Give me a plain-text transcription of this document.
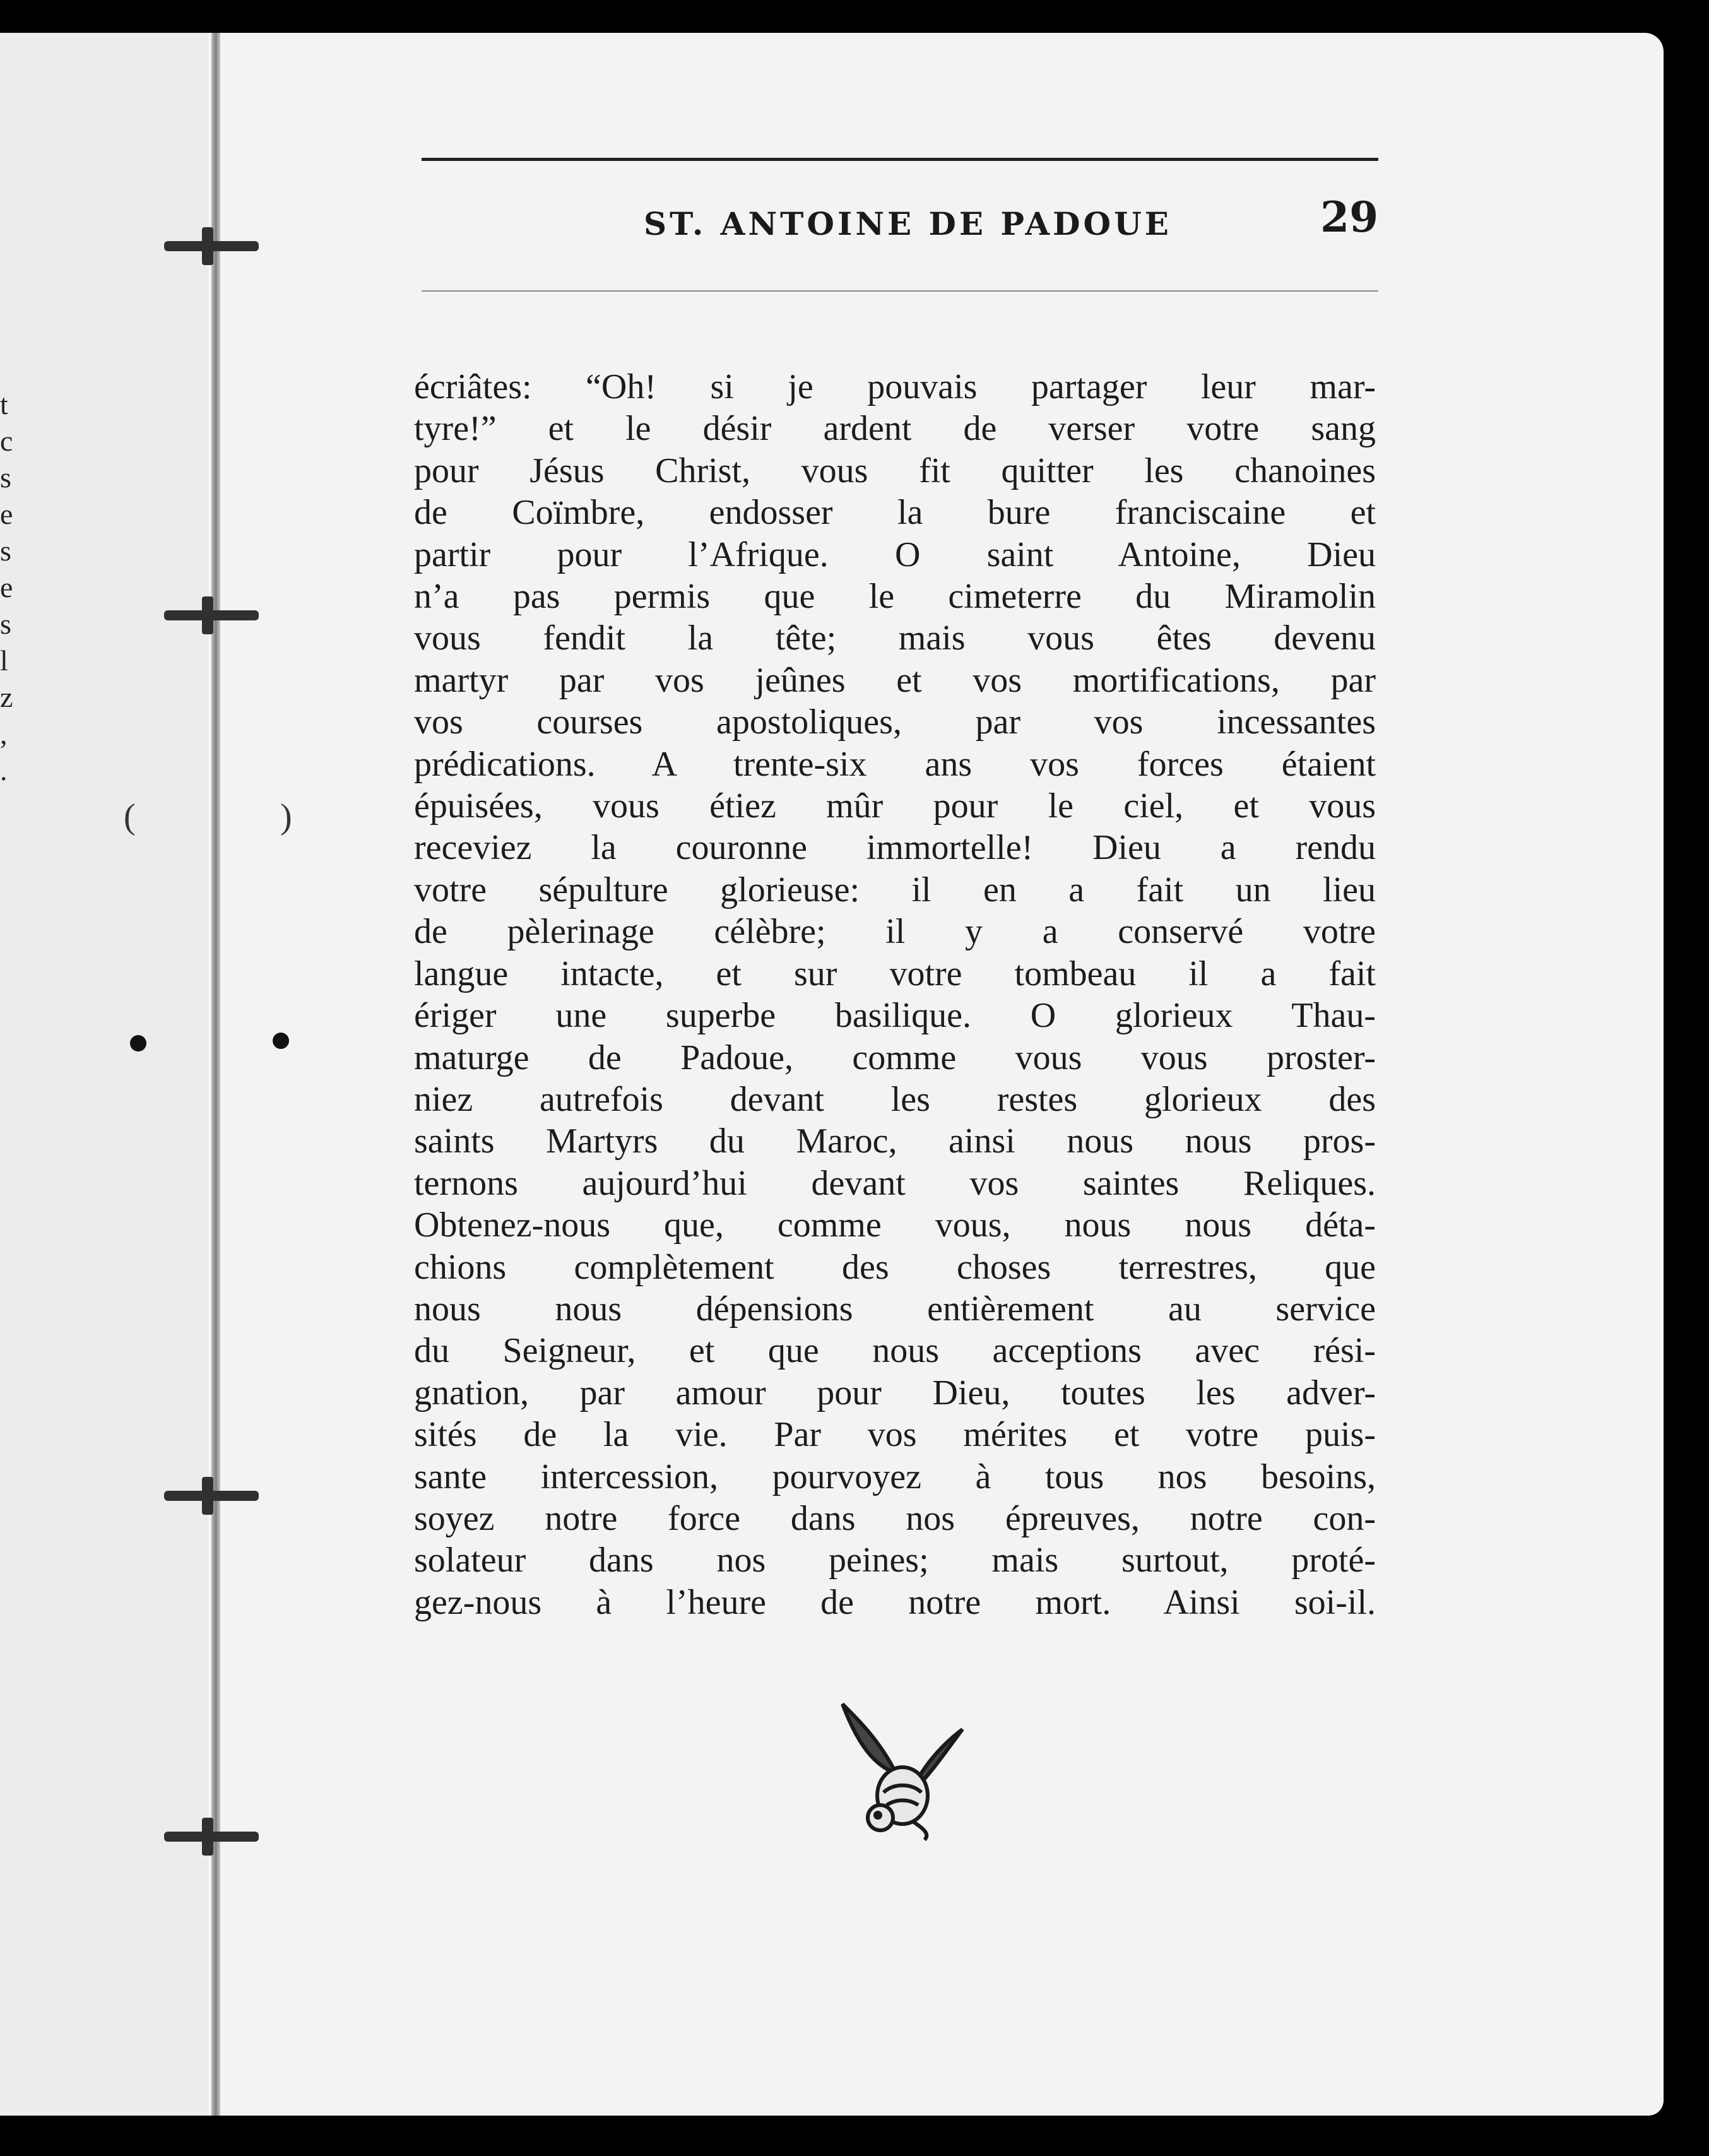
t
c
s
e
s
e
s
l
z
,
.
(	)
ST. ANTOINE DE PADOUE	29
écriâtes: “Oh! si je pouvais partager leur mar-
tyre!” et le désir ardent de verser votre sang
pour Jésus Christ, vous fit quitter les chanoines
de Coïmbre, endosser la bure franciscaine et
partir pour l’Afrique. O saint Antoine, Dieu
n’a pas permis que le cimeterre du Miramolin
vous fendit la tête; mais vous êtes devenu
martyr par vos jeûnes et vos mortifications, par
vos courses apostoliques, par vos incessantes
prédications. A trente-six ans vos forces étaient
épuisées, vous étiez mûr pour le ciel, et vous
receviez la couronne immortelle! Dieu a rendu
votre sépulture glorieuse: il en a fait un lieu
de pèlerinage célèbre; il y a conservé votre
langue intacte, et sur votre tombeau il a fait
ériger une superbe basilique. O glorieux Thau-
maturge de Padoue, comme vous vous proster-
niez autrefois devant les restes glorieux des
saints Martyrs du Maroc, ainsi nous nous pros-
ternons aujourd’hui devant vos saintes Reliques.
Obtenez-nous que, comme vous, nous nous déta-
chions complètement des choses terrestres, que
nous nous dépensions entièrement au service
du Seigneur, et que nous acceptions avec rési-
gnation, par amour pour Dieu, toutes les adver-
sités de la vie. Par vos mérites et votre puis-
sante intercession, pourvoyez à tous nos besoins,
soyez notre force dans nos épreuves, notre con-
solateur dans nos peines; mais surtout, proté-
gez-nous à l’heure de notre mort. Ainsi soi-il.
